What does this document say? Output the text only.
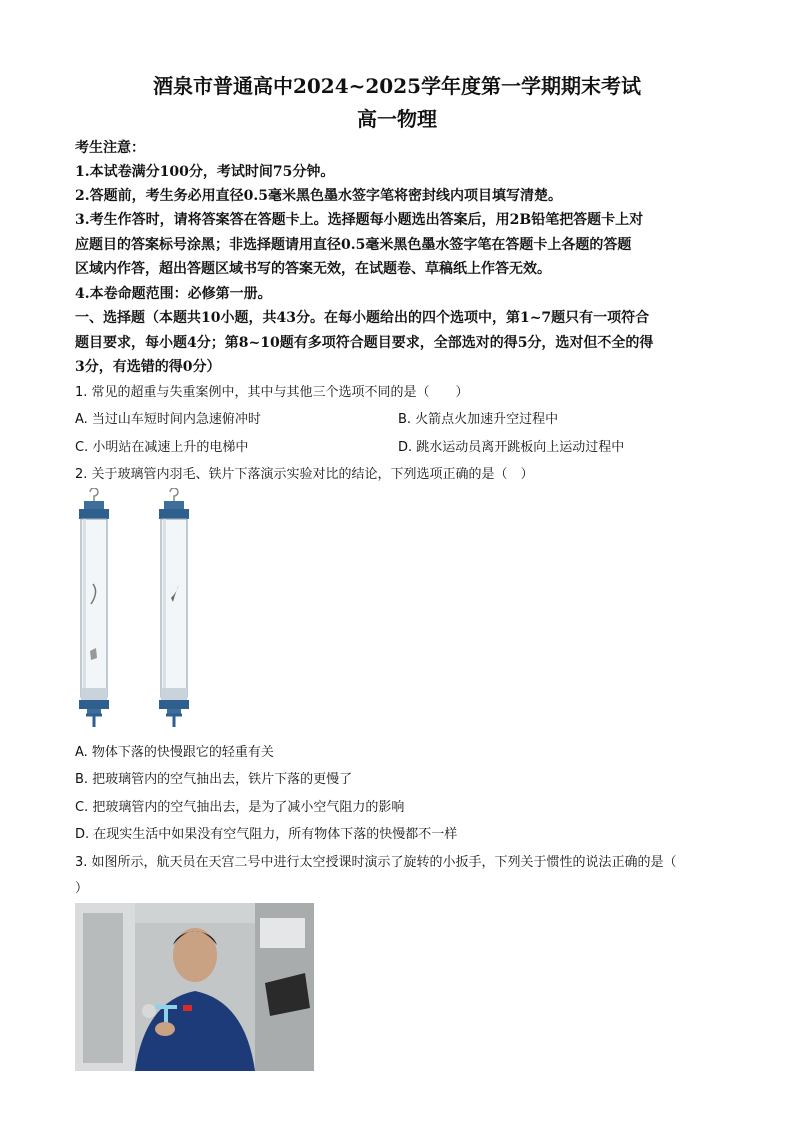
酒泉市普通高中2024~2025学年度第一学期期末考试
高一物理
考生注意：
1.本试卷满分100分，考试时间75分钟。
2.答题前，考生务必用直径0.5毫米黑色墨水签字笔将密封线内项目填写清楚。
3.考生作答时，请将答案答在答题卡上。选择题每小题选出答案后，用2B铅笔把答题卡上对
应题目的答案标号涂黑；非选择题请用直径0.5毫米黑色墨水签字笔在答题卡上各题的答题
区域内作答，超出答题区域书写的答案无效，在试题卷、草稿纸上作答无效。
4.本卷命题范围：必修第一册。
一、选择题（本题共10小题，共43分。在每小题给出的四个选项中，第1~7题只有一项符合
题目要求，每小题4分；第8~10题有多项符合题目要求，全部选对的得5分，选对但不全的得
3分，有选错的得0分）
1. 常见的超重与失重案例中，其中与其他三个选项不同的是（　　）
A. 当过山车短时间内急速俯冲时	B. 火箭点火加速升空过程中
C. 小明站在减速上升的电梯中	D. 跳水运动员离开跳板向上运动过程中
2. 关于玻璃管内羽毛、铁片下落演示实验对比的结论，下列选项正确的是（　）
A. 物体下落的快慢跟它的轻重有关
B. 把玻璃管内的空气抽出去，铁片下落的更慢了
C. 把玻璃管内的空气抽出去，是为了减小空气阻力的影响
D. 在现实生活中如果没有空气阻力，所有物体下落的快慢都不一样
3. 如图所示，航天员在天宫二号中进行太空授课时演示了旋转的小扳手，下列关于惯性的说法正确的是（
）
